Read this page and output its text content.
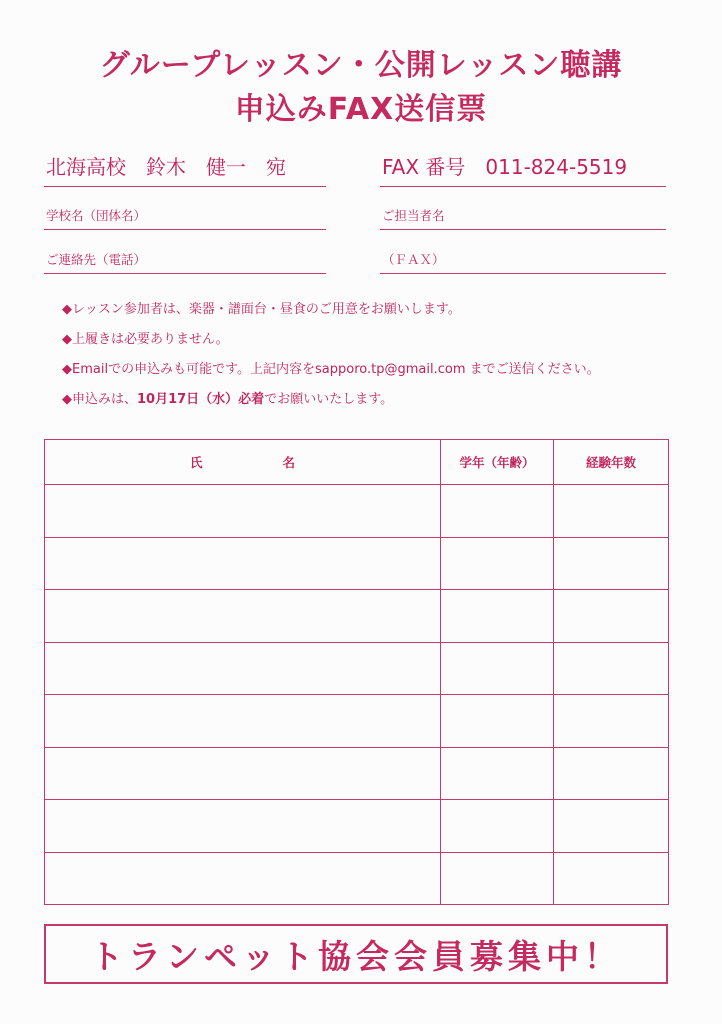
グループレッスン・公開レッスン聴講
申込みFAX送信票
北海高校　鈴木　健一　宛	FAX 番号　011-824-5519
学校名（団体名）	ご担当者名
ご連絡先（電話）	（ＦＡＸ）
◆レッスン参加者は、楽器・譜面台・昼食のご用意をお願いします。
◆上履きは必要ありません。
◆Emailでの申込みも可能です。上記内容をsapporo.tp@gmail.com までご送信ください。
◆申込みは、10月17日（水）必着でお願いいたします。
氏 名	学年（年齢）	経験年数

トランペット協会会員募集中！
